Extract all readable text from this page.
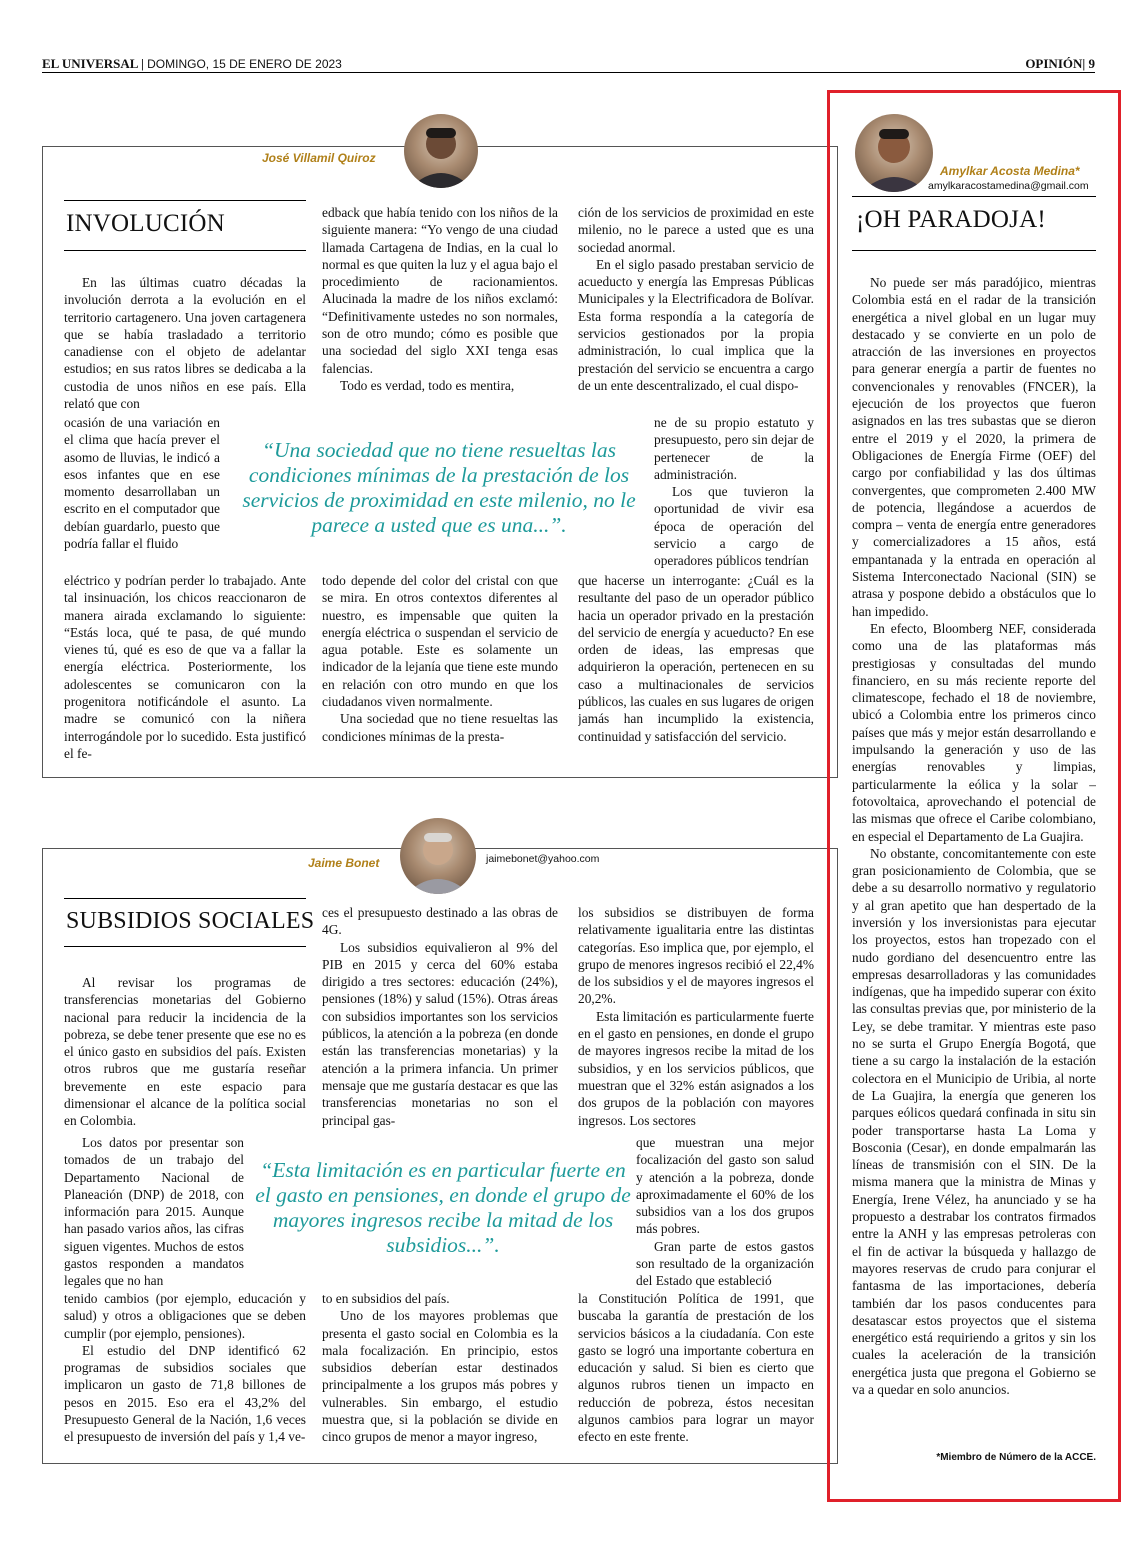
EL UNIVERSAL | DOMINGO, 15 DE ENERO DE 2023	OPINIÓN| 9
José Villamil Quiroz
INVOLUCIÓN

En las últimas cuatro décadas la involución derrota a la evolución en el territorio cartagenero. Una joven cartagenera que se había trasladado a territorio canadiense con el objeto de adelantar estudios; en sus ratos libres se dedicaba a la custodia de unos niños en ese país. Ella relató que con

ocasión de una variación en el clima que hacía prever el asomo de lluvias, le indicó a esos infantes que en ese momento desarrollaban un escrito en el computador que debían guardarlo, puesto que podría fallar el fluido

eléctrico y podrían perder lo trabajado. Ante tal insinuación, los chicos reaccionaron de manera airada exclamando lo siguiente: “Estás loca, qué te pasa, de qué mundo vienes tú, qué es eso de que va a fallar la energía eléctrica. Posteriormente, los adolescentes se comunicaron con la progenitora notificándole el asunto. La madre se comunicó con la niñera interrogándole por lo sucedido. Esta justificó el fe-

edback que había tenido con los niños de la siguiente manera: “Yo vengo de una ciudad llamada Cartagena de Indias, en la cual lo normal es que quiten la luz y el agua bajo el procedimiento de racionamientos. Alucinada la madre de los niños exclamó: “Definitivamente ustedes no son normales, son de otro mundo; cómo es posible que una sociedad del siglo XXI tenga esas falencias.

Todo es verdad, todo es mentira,

todo depende del color del cristal con que se mira. En otros contextos diferentes al nuestro, es impensable que quiten la energía eléctrica o suspendan el servicio de agua potable. Este es solamente un indicador de la lejanía que tiene este mundo en relación con otro mundo en que los ciudadanos viven normalmente.

Una sociedad que no tiene resueltas las condiciones mínimas de la presta-

ción de los servicios de proximidad en este milenio, no le parece a usted que es una sociedad anormal.

En el siglo pasado prestaban servicio de acueducto y energía las Empresas Públicas Municipales y la Electrificadora de Bolívar. Esta forma respondía a la categoría de servicios gestionados por la propia administración, lo cual implica que la prestación del servicio se encuentra a cargo de un ente descentralizado, el cual dispo-

ne de su propio estatuto y presupuesto, pero sin dejar de pertenecer de la administración.

Los que tuvieron la oportunidad de vivir esa época de operación del servicio a cargo de operadores públicos tendrían

que hacerse un interrogante: ¿Cuál es la resultante del paso de un operador público hacia un operador privado en la prestación del servicio de energía y acueducto? En ese orden de ideas, las empresas que adquirieron la operación, pertenecen en su caso a multinacionales de servicios públicos, las cuales en sus lugares de origen jamás han incumplido la existencia, continuidad y satisfacción del servicio.

“Una sociedad que no tiene resueltas las condiciones mínimas de la prestación de los servicios de proximidad en este milenio, no le parece a usted que es una...”.
Jaime Bonet	jaimebonet@yahoo.com
SUBSIDIOS SOCIALES

Al revisar los programas de transferencias monetarias del Gobierno nacional para reducir la incidencia de la pobreza, se debe tener presente que ese no es el único gasto en subsidios del país. Existen otros rubros que me gustaría reseñar brevemente en este espacio para dimensionar el alcance de la política social en Colombia.

Los datos por presentar son tomados de un trabajo del Departamento Nacional de Planeación (DNP) de 2018, con información para 2015. Aunque han pasado varios años, las cifras siguen vigentes. Muchos de estos gastos responden a mandatos legales que no han

tenido cambios (por ejemplo, educación y salud) y otros a obligaciones que se deben cumplir (por ejemplo, pensiones).

El estudio del DNP identificó 62 programas de subsidios sociales que implicaron un gasto de 71,8 billones de pesos en 2015. Eso era el 43,2% del Presupuesto General de la Nación, 1,6 veces el presupuesto de inversión del país y 1,4 ve-

ces el presupuesto destinado a las obras de 4G.

Los subsidios equivalieron al 9% del PIB en 2015 y cerca del 60% estaba dirigido a tres sectores: educación (24%), pensiones (18%) y salud (15%). Otras áreas con subsidios importantes son los servicios públicos, la atención a la pobreza (en donde están las transferencias monetarias) y la atención a la primera infancia. Un primer mensaje que me gustaría destacar es que las transferencias monetarias no son el principal gas-

to en subsidios del país.

Uno de los mayores problemas que presenta el gasto social en Colombia es la mala focalización. En principio, estos subsidios deberían estar destinados principalmente a los grupos más pobres y vulnerables. Sin embargo, el estudio muestra que, si la población se divide en cinco grupos de menor a mayor ingreso,

los subsidios se distribuyen de forma relativamente igualitaria entre las distintas categorías. Eso implica que, por ejemplo, el grupo de menores ingresos recibió el 22,4% de los subsidios y el de mayores ingresos el 20,2%.

Esta limitación es particularmente fuerte en el gasto en pensiones, en donde el grupo de mayores ingresos recibe la mitad de los subsidios, y en los servicios públicos, que muestran que el 32% están asignados a los dos grupos de la población con mayores ingresos. Los sectores

que muestran una mejor focalización del gasto son salud y atención a la pobreza, donde aproximadamente el 60% de los subsidios van a los dos grupos más pobres.

Gran parte de estos gastos son resultado de la organización del Estado que estableció

la Constitución Política de 1991, que buscaba la garantía de prestación de los servicios básicos a la ciudadanía. Con este gasto se logró una importante cobertura en educación y salud. Si bien es cierto que algunos rubros tienen un impacto en reducción de pobreza, éstos necesitan algunos cambios para lograr un mayor efecto en este frente.

“Esta limitación es en particular fuerte en el gasto en pensiones, en donde el grupo de mayores ingresos recibe la mitad de los subsidios...”.
Amylkar Acosta Medina*
amylkaracostamedina@gmail.com
¡OH PARADOJA!

No puede ser más paradójico, mientras Colombia está en el radar de la transición energética a nivel global en un lugar muy destacado y se convierte en un polo de atracción de las inversiones en proyectos para generar energía a partir de fuentes no convencionales y renovables (FNCER), la ejecución de los proyectos que fueron asignados en las tres subastas que se dieron entre el 2019 y el 2020, la primera de Obligaciones de Energía Firme (OEF) del cargo por confiabilidad y las dos últimas convergentes, que comprometen 2.400 MW de potencia, llegándose a acuerdos de compra – venta de energía entre generadores y comercializadores a 15 años, está empantanada y la entrada en operación al Sistema Interconectado Nacional (SIN) se atrasa y pospone debido a obstáculos que lo han impedido.

En efecto, Bloomberg NEF, considerada como una de las plataformas más prestigiosas y consultadas del mundo financiero, en su más reciente reporte del climatescope, fechado el 18 de noviembre, ubicó a Colombia entre los primeros cinco países que más y mejor están desarrollando e impulsando la generación y uso de las energías renovables y limpias, particularmente la eólica y la solar – fotovoltaica, aprovechando el potencial de las mismas que ofrece el Caribe colombiano, en especial el Departamento de La Guajira.

No obstante, concomitantemente con este gran posicionamiento de Colombia, que se debe a su desarrollo normativo y regulatorio y al gran apetito que han despertado de la inversión y los inversionistas para ejecutar los proyectos, estos han tropezado con el nudo gordiano del desencuentro entre las empresas desarrolladoras y las comunidades indígenas, que ha impedido superar con éxito las consultas previas que, por ministerio de la Ley, se debe tramitar. Y mientras este paso no se surta el Grupo Energía Bogotá, que tiene a su cargo la instalación de la estación colectora en el Municipio de Uribia, al norte de La Guajira, la energía que generen los parques eólicos quedará confinada in situ sin poder transportarse hasta La Loma y Bosconia (Cesar), en donde empalmarán las líneas de transmisión con el SIN. De la misma manera que la ministra de Minas y Energía, Irene Vélez, ha anunciado y se ha propuesto a destrabar los contratos firmados entre la ANH y las empresas petroleras con el fin de activar la búsqueda y hallazgo de mayores reservas de crudo para conjurar el fantasma de las importaciones, debería también dar los pasos conducentes para desatascar estos proyectos que el sistema energético está requiriendo a gritos y sin los cuales la aceleración de la transición energética justa que pregona el Gobierno se va a quedar en solo anuncios.

*Miembro de Número de la ACCE.
